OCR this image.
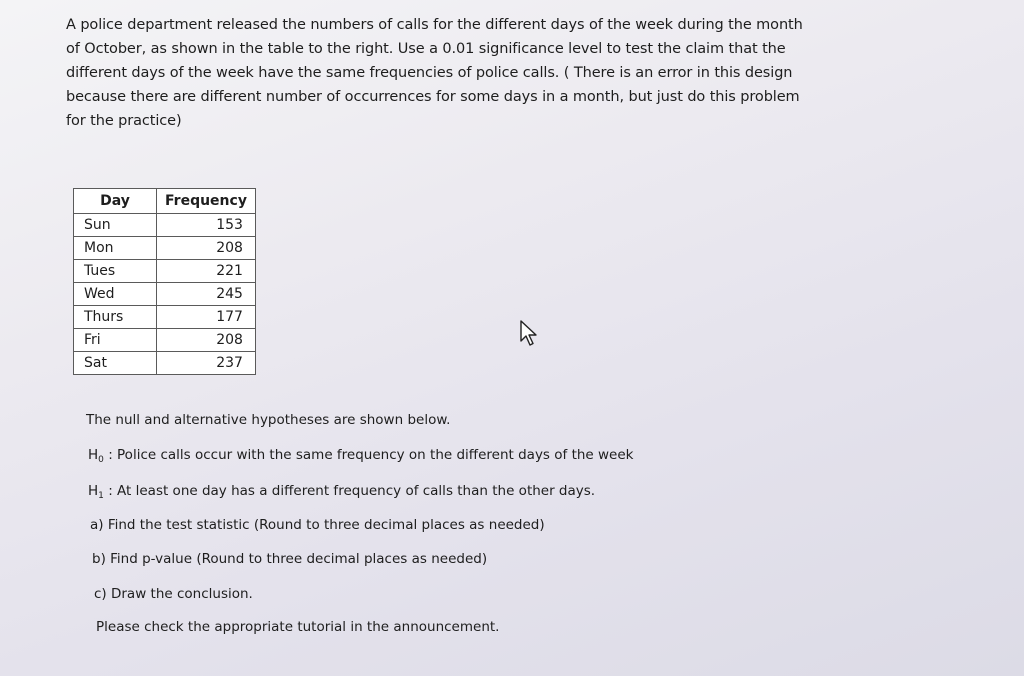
A police department released the numbers of calls for the different days of the week during the month of October, as shown in the table to the right. Use a 0.01 significance level to test the claim that the different days of the week have the same frequencies of police calls. ( There is an error in this design because there are different number of occurrences for some days in a month, but just do this problem for the practice)

Day	Frequency
Sun	153
Mon	208
Tues	221
Wed	245
Thurs	177
Fri	208
Sat	237
The null and alternative hypotheses are shown below.
$H_0$ : Police calls occur with the same frequency on the different days of the week
$H_1$ : At least one day has a different frequency of calls than the other days.
a) Find the test statistic (Round to three decimal places as needed)
b) Find p-value (Round to three decimal places as needed)
c) Draw the conclusion.
Please check the appropriate tutorial in the announcement.
